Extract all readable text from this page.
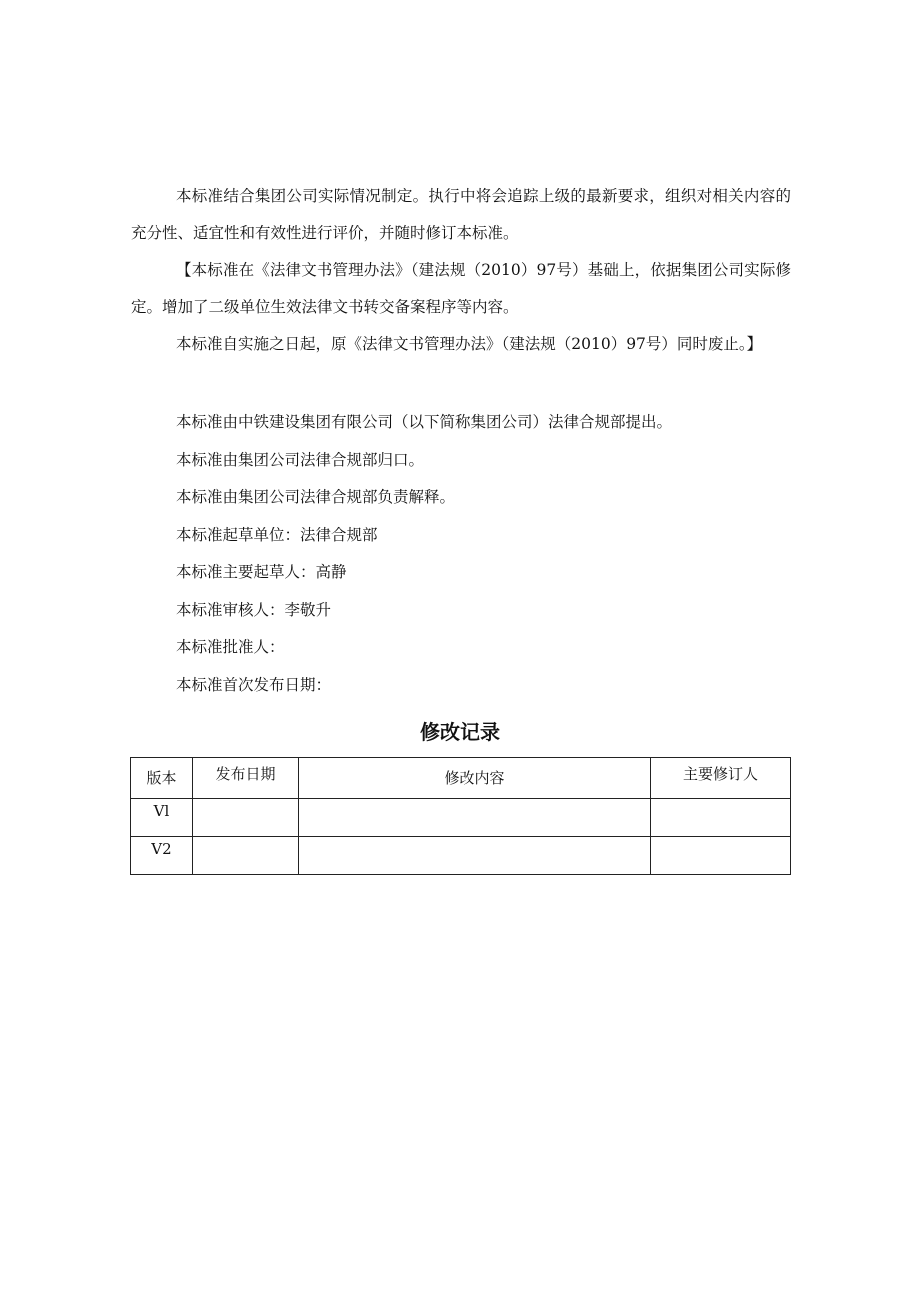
本标准结合集团公司实际情况制定。执行中将会追踪上级的最新要求，组织对相关内容的充分性、适宜性和有效性进行评价，并随时修订本标准。

【本标准在《法律文书管理办法》（建法规（2010）97号）基础上，依据集团公司实际修定。增加了二级单位生效法律文书转交备案程序等内容。

本标准自实施之日起，原《法律文书管理办法》（建法规（2010）97号）同时废止。】

本标准由中铁建设集团有限公司（以下简称集团公司）法律合规部提出。

本标准由集团公司法律合规部归口。

本标准由集团公司法律合规部负责解释。

本标准起草单位：法律合规部

本标准主要起草人：高静

本标准审核人：李敬升

本标准批准人：

本标准首次发布日期：

修改记录
版本	发布日期	修改内容	主要修订人

Vl			

V2			
